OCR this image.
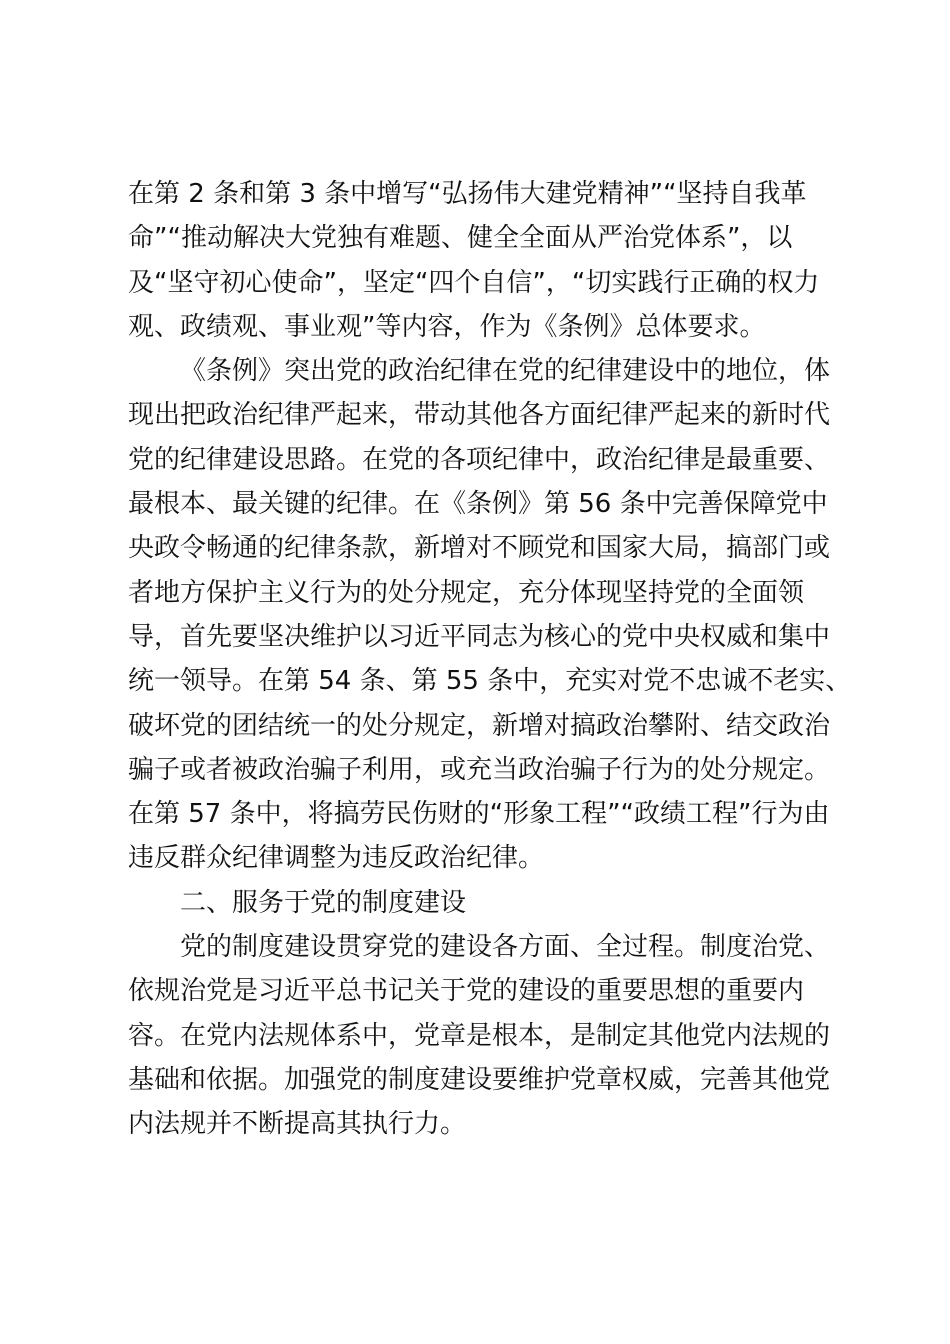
在第 2 条和第 3 条中增写“弘扬伟大建党精神”“坚持自我革
命”“推动解决大党独有难题、健全全面从严治党体系”，以
及“坚守初心使命”，坚定“四个自信”，“切实践行正确的权力
观、政绩观、事业观”等内容，作为《条例》总体要求。
《条例》突出党的政治纪律在党的纪律建设中的地位，体
现出把政治纪律严起来，带动其他各方面纪律严起来的新时代
党的纪律建设思路。在党的各项纪律中，政治纪律是最重要、
最根本、最关键的纪律。在《条例》第 56 条中完善保障党中
央政令畅通的纪律条款，新增对不顾党和国家大局，搞部门或
者地方保护主义行为的处分规定，充分体现坚持党的全面领
导，首先要坚决维护以习近平同志为核心的党中央权威和集中
统一领导。在第 54 条、第 55 条中，充实对党不忠诚不老实、
破坏党的团结统一的处分规定，新增对搞政治攀附、结交政治
骗子或者被政治骗子利用，或充当政治骗子行为的处分规定。
在第 57 条中，将搞劳民伤财的“形象工程”“政绩工程”行为由
违反群众纪律调整为违反政治纪律。
二、服务于党的制度建设
党的制度建设贯穿党的建设各方面、全过程。制度治党、
依规治党是习近平总书记关于党的建设的重要思想的重要内
容。在党内法规体系中，党章是根本，是制定其他党内法规的
基础和依据。加强党的制度建设要维护党章权威，完善其他党
内法规并不断提高其执行力。
